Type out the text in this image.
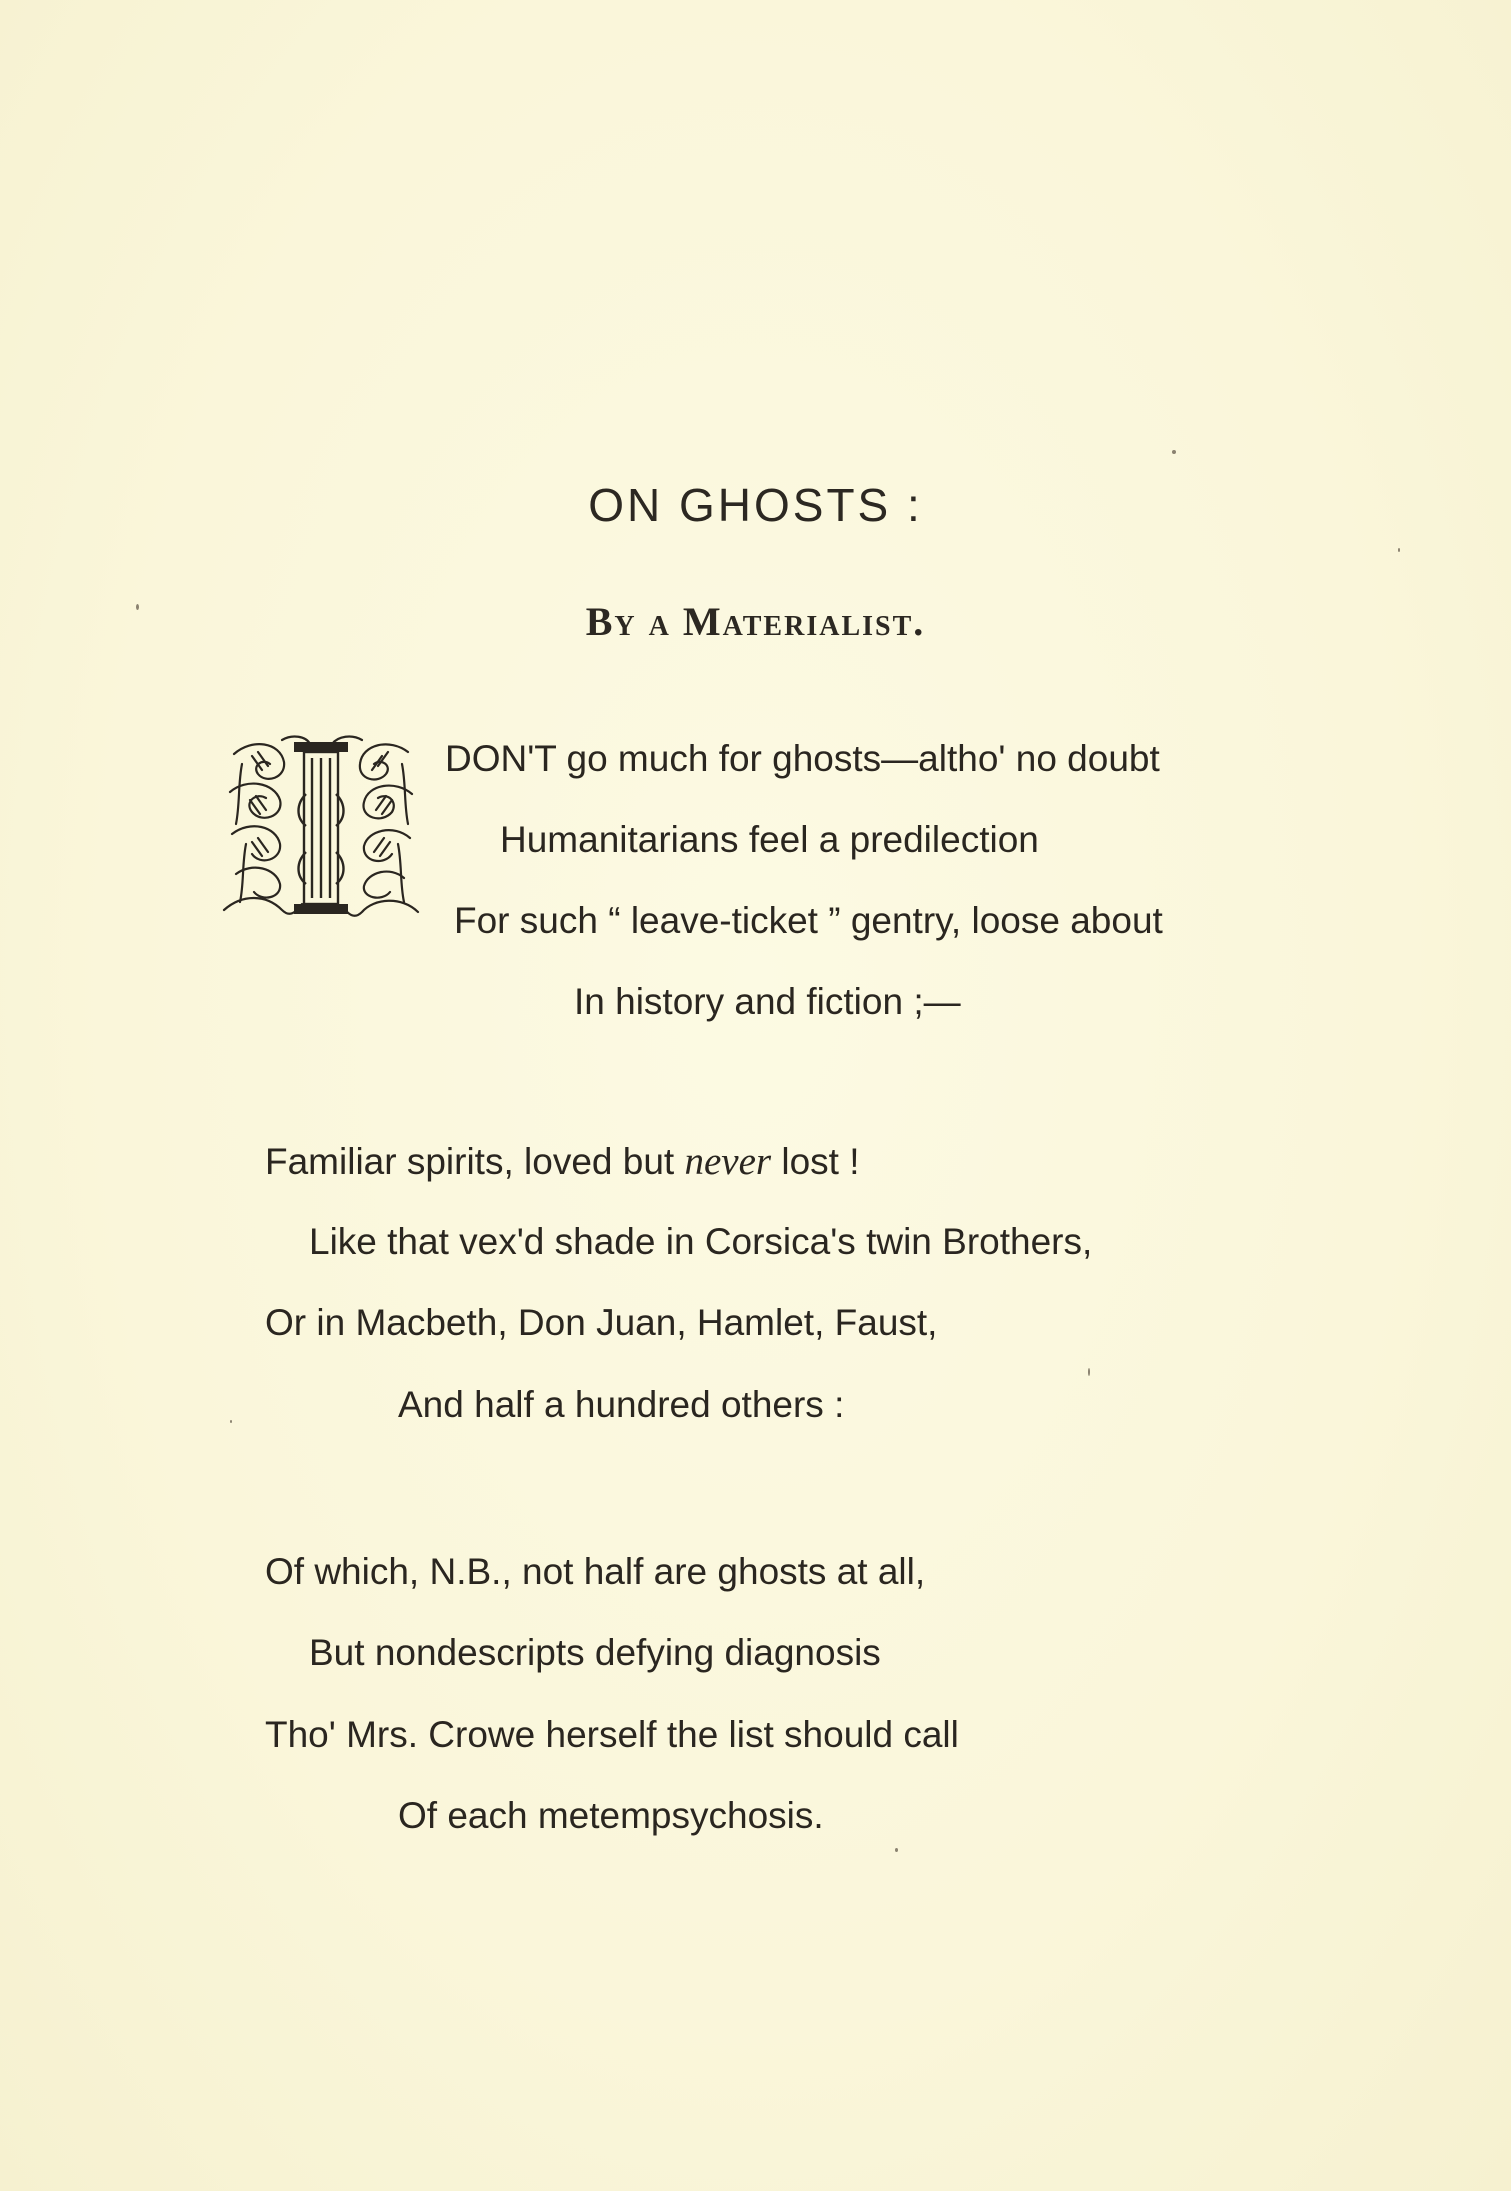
ON GHOSTS :
By a Materialist.
DON'T go much for ghosts—altho' no doubt
Humanitarians feel a predilection
For such “ leave-ticket ” gentry, loose about
In history and fiction ;—
Familiar spirits, loved but never lost !
Like that vex'd shade in Corsica's twin Brothers,
Or in Macbeth, Don Juan, Hamlet, Faust,
And half a hundred others :
Of which, N.B., not half are ghosts at all,
But nondescripts defying diagnosis
Tho' Mrs. Crowe herself the list should call
Of each metempsychosis.
